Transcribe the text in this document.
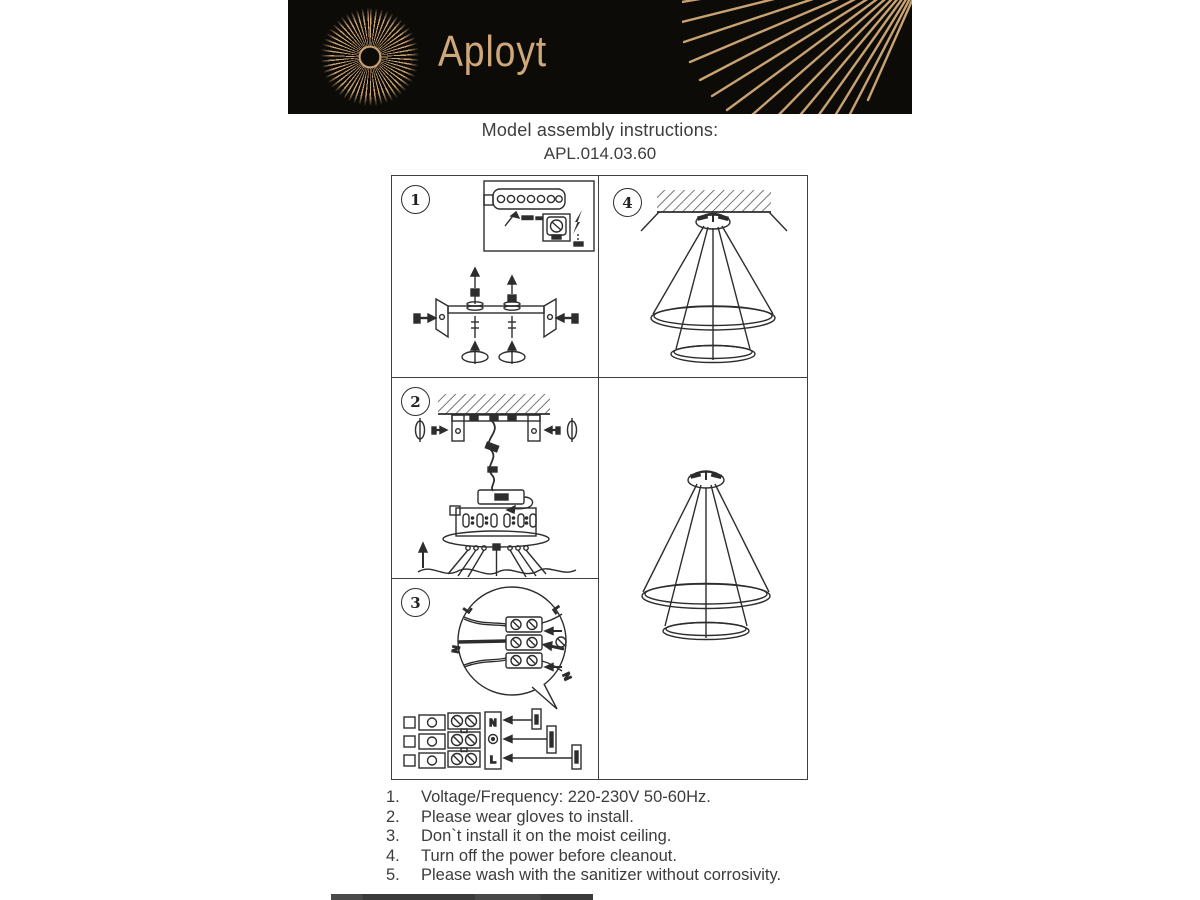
Aployt
Model assembly instructions:
APL.014.03.60
1
2
3	L	L
N
N
N
L
4
1.	Voltage/Frequency: 220-230V 50-60Hz.
2.	Please wear gloves to install.
3.	Don`t install it on the moist ceiling.
4.	Turn off the power before cleanout.
5.	Please wash with the sanitizer without corrosivity.
